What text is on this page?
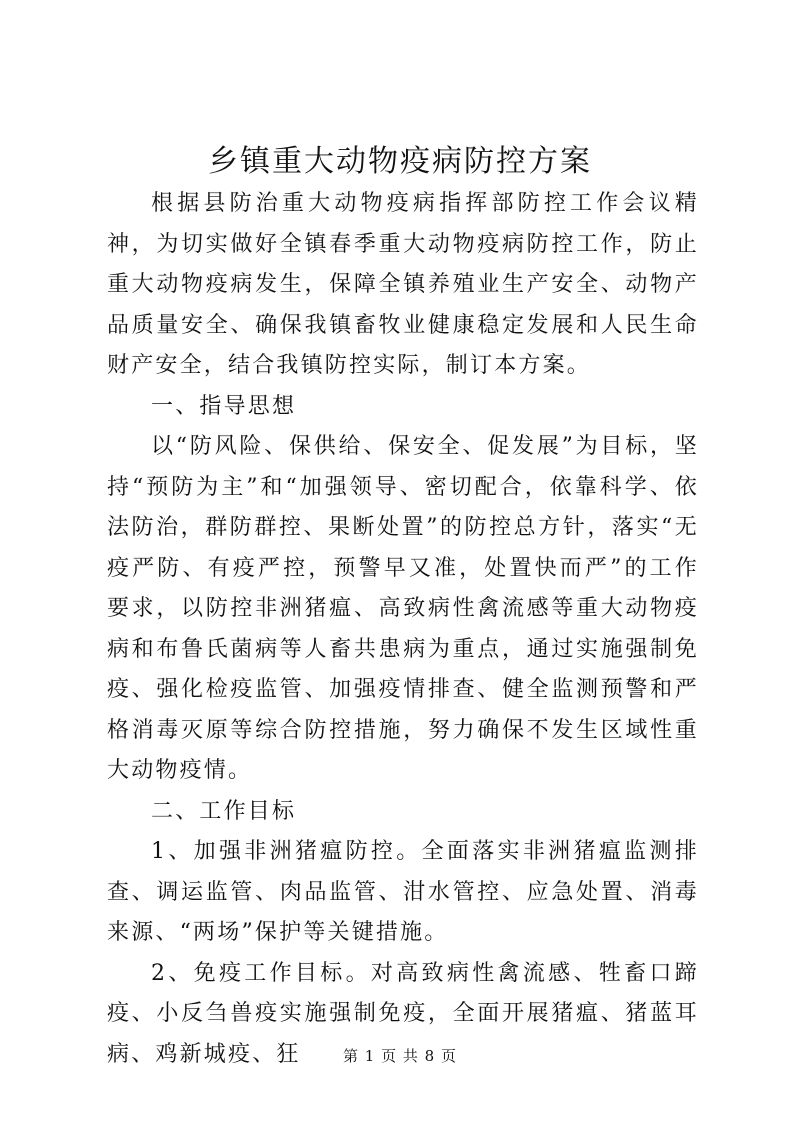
乡镇重大动物疫病防控方案

根据县防治重大动物疫病指挥部防控工作会议精神，为切实做好全镇春季重大动物疫病防控工作，防止重大动物疫病发生，保障全镇养殖业生产安全、动物产品质量安全、确保我镇畜牧业健康稳定发展和人民生命财产安全，结合我镇防控实际，制订本方案。

一、指导思想

以“防风险、保供给、保安全、促发展”为目标，坚持“预防为主”和“加强领导、密切配合，依靠科学、依法防治，群防群控、果断处置”的防控总方针，落实“无疫严防、有疫严控，预警早又准，处置快而严”的工作要求，以防控非洲猪瘟、高致病性禽流感等重大动物疫病和布鲁氏菌病等人畜共患病为重点，通过实施强制免疫、强化检疫监管、加强疫情排查、健全监测预警和严格消毒灭原等综合防控措施，努力确保不发生区域性重大动物疫情。

二、工作目标

1、加强非洲猪瘟防控。全面落实非洲猪瘟监测排查、调运监管、肉品监管、泔水管控、应急处置、消毒来源、“两场”保护等关键措施。

2、免疫工作目标。对高致病性禽流感、牲畜口蹄疫、小反刍兽疫实施强制免疫，全面开展猪瘟、猪蓝耳病、鸡新城疫、狂	第 1 页 共 8 页
